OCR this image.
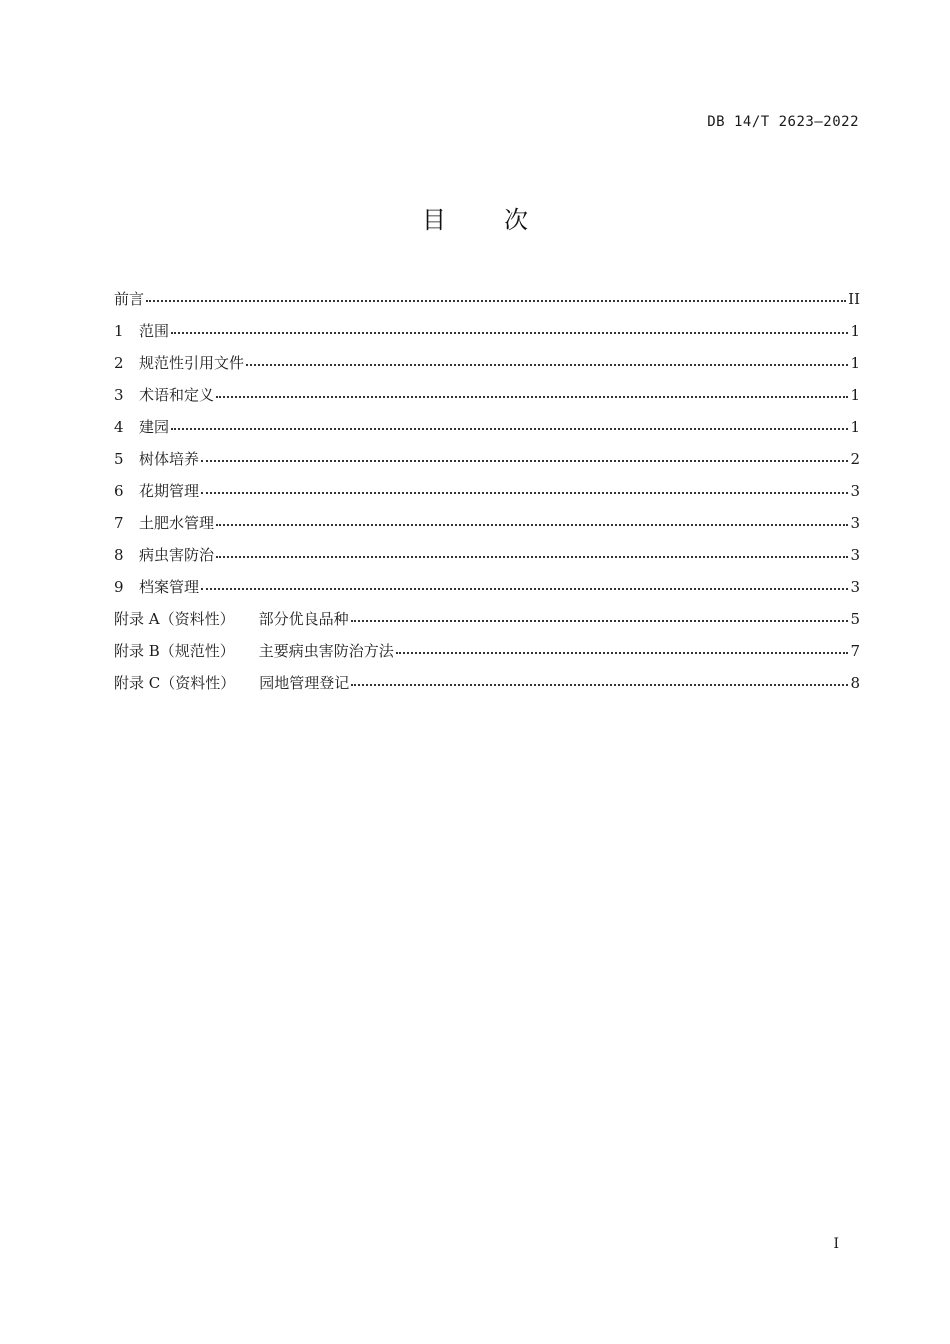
DB 14/T 2623—2022
目次
前言	II
1	范围	1
2	规范性引用文件	1
3	术语和定义	1
4	建园	1
5	树体培养	2
6	花期管理	3
7	土肥水管理	3
8	病虫害防治	3
9	档案管理	3
附录 A（资料性） 部分优良品种	5
附录 B（规范性） 主要病虫害防治方法	7
附录 C（资料性） 园地管理登记	8
I
